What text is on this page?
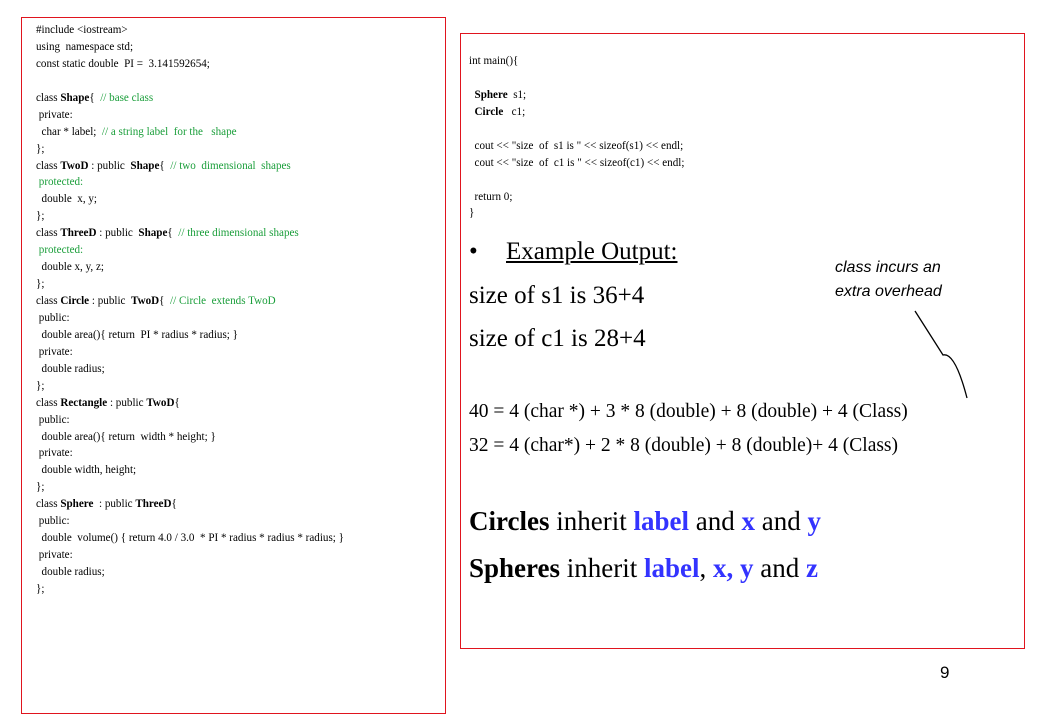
#include <iostream>
using  namespace std;
const static double  PI =  3.141592654;
class Shape{  // base class
private:
char * label;  // a string label  for the   shape
};
class TwoD : public  Shape{  // two  dimensional  shapes
protected:
double  x, y;
};
class ThreeD : public  Shape{  // three dimensional shapes
protected:
double x, y, z;
};
class Circle : public  TwoD{  // Circle  extends TwoD
public:
double area(){ return  PI * radius * radius; }
private:
double radius;
};
class Rectangle : public TwoD{
public:
double area(){ return  width * height; }
private:
double width, height;
};
class Sphere  : public ThreeD{
public:
double  volume() { return 4.0 / 3.0  * PI * radius * radius * radius; }
private:
double radius;
};
int main(){
Sphere  s1;
Circle   c1;
cout << "size  of  s1 is " << sizeof(s1) << endl;
cout << "size  of  c1 is " << sizeof(c1) << endl;
return 0;
}
• Example Output:
size of s1 is 36+4
size of c1 is 28+4
40 = 4 (char *) + 3 * 8 (double) + 8 (double) + 4 (Class)
32 = 4 (char*) + 2 * 8 (double) + 8 (double)+ 4 (Class)
Circles inherit label and x and y
Spheres inherit label, x, y and z
class incurs an
extra overhead
9
